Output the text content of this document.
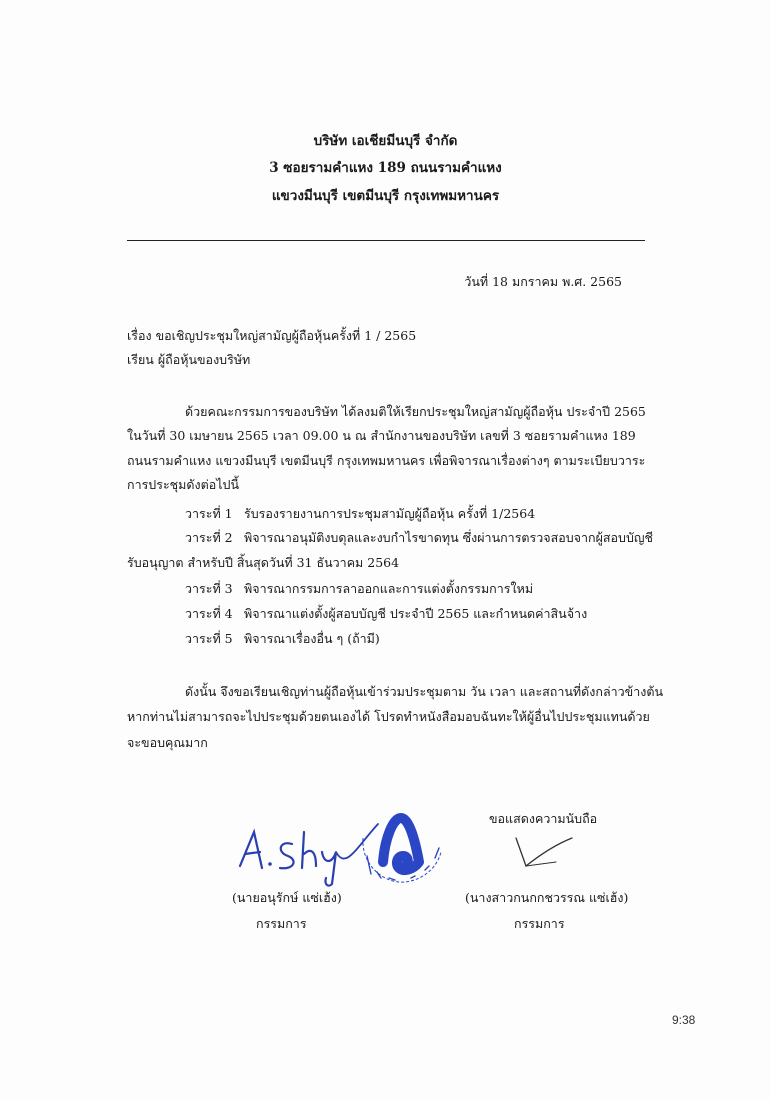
บริษัท เอเชียมีนบุรี จำกัด
3 ซอยรามคำแหง 189 ถนนรามคำแหง
แขวงมีนบุรี เขตมีนบุรี กรุงเทพมหานคร
วันที่ 18 มกราคม พ.ศ. 2565
เรื่อง ขอเชิญประชุมใหญ่สามัญผู้ถือหุ้นครั้งที่ 1 / 2565
เรียน ผู้ถือหุ้นของบริษัท
ด้วยคณะกรรมการของบริษัท ได้ลงมติให้เรียกประชุมใหญ่สามัญผู้ถือหุ้น ประจำปี 2565
ในวันที่ 30 เมษายน 2565 เวลา 09.00 น ณ สำนักงานของบริษัท เลขที่ 3 ซอยรามคำแหง 189
ถนนรามคำแหง แขวงมีนบุรี เขตมีนบุรี กรุงเทพมหานคร เพื่อพิจารณาเรื่องต่างๆ ตามระเบียบวาระ
การประชุมดังต่อไปนี้
วาระที่ 1 รับรองรายงานการประชุมสามัญผู้ถือหุ้น ครั้งที่ 1/2564
วาระที่ 2 พิจารณาอนุมัติงบดุลและงบกำไรขาดทุน ซึ่งผ่านการตรวจสอบจากผู้สอบบัญชี
รับอนุญาต สำหรับปี สิ้นสุดวันที่ 31 ธันวาคม 2564
วาระที่ 3 พิจารณากรรมการลาออกและการแต่งตั้งกรรมการใหม่
วาระที่ 4 พิจารณาแต่งตั้งผู้สอบบัญชี ประจำปี 2565 และกำหนดค่าสินจ้าง
วาระที่ 5 พิจารณาเรื่องอื่น ๆ (ถ้ามี)
ดังนั้น จึงขอเรียนเชิญท่านผู้ถือหุ้นเข้าร่วมประชุมตาม วัน เวลา และสถานที่ดังกล่าวข้างต้น
หากท่านไม่สามารถจะไปประชุมด้วยตนเองได้ โปรดทำหนังสือมอบฉันทะให้ผู้อื่นไปประชุมแทนด้วย
จะขอบคุณมาก
ขอแสดงความนับถือ
(นายอนุรักษ์ แซ่เฮ้ง)	(นางสาวกนกกชวรรณ แซ่เฮ้ง)
กรรมการ	กรรมการ
9:38
